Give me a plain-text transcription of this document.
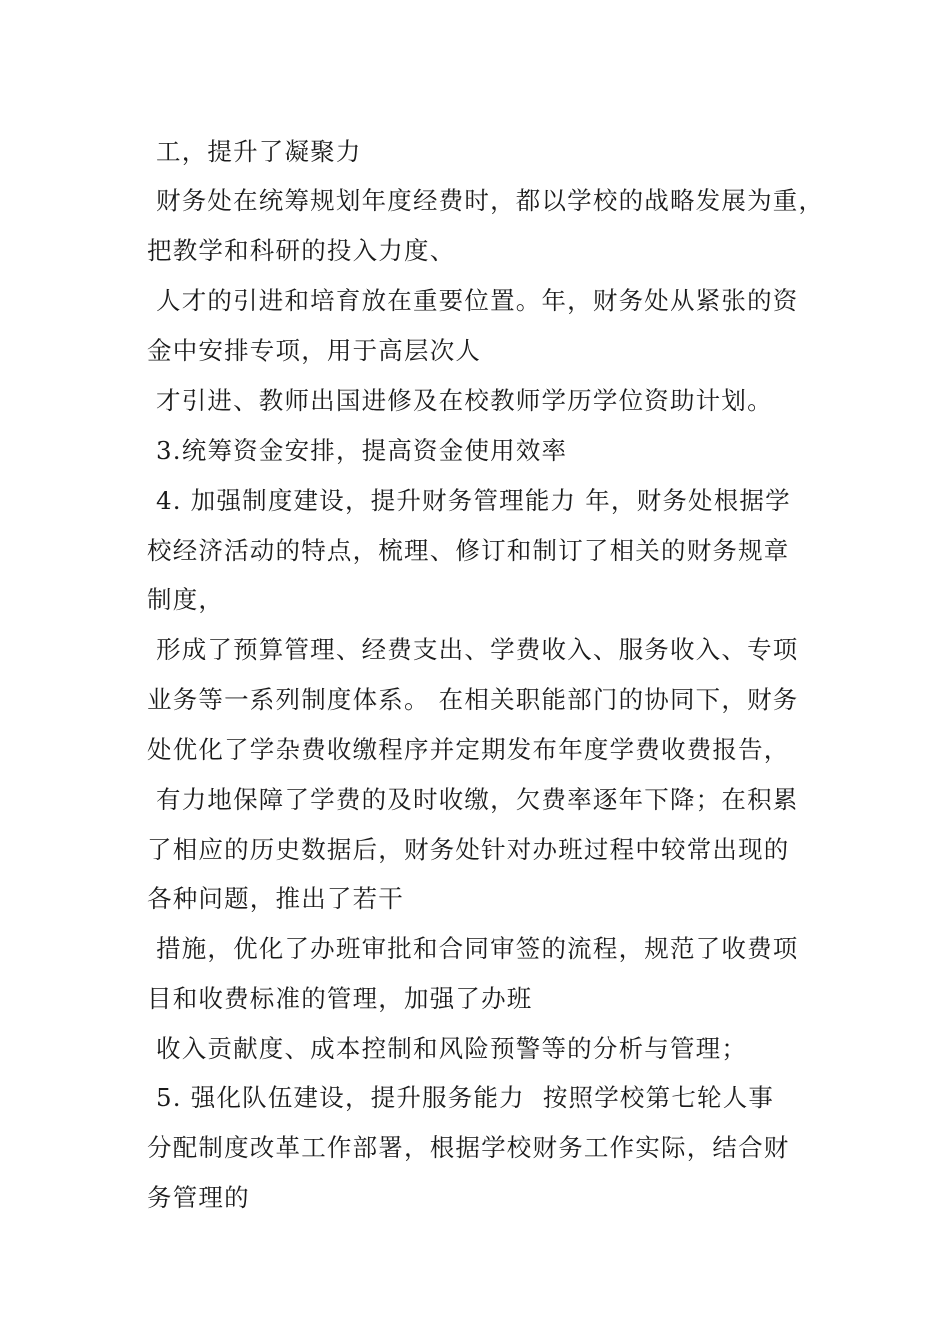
工，提升了凝聚力
财务处在统筹规划年度经费时，都以学校的战略发展为重，
把教学和科研的投入力度、
人才的引进和培育放在重要位置。年，财务处从紧张的资
金中安排专项，用于高层次人
才引进、教师出国进修及在校教师学历学位资助计划。
3.统筹资金安排，提高资金使用效率
4. 加强制度建设，提升财务管理能力 年，财务处根据学
校经济活动的特点，梳理、修订和制订了相关的财务规章
制度，
形成了预算管理、经费支出、学费收入、服务收入、专项
业务等一系列制度体系。 在相关职能部门的协同下，财务
处优化了学杂费收缴程序并定期发布年度学费收费报告，
有力地保障了学费的及时收缴，欠费率逐年下降；在积累
了相应的历史数据后，财务处针对办班过程中较常出现的
各种问题，推出了若干
措施，优化了办班审批和合同审签的流程，规范了收费项
目和收费标准的管理，加强了办班
收入贡献度、成本控制和风险预警等的分析与管理；
5. 强化队伍建设，提升服务能力  按照学校第七轮人事
分配制度改革工作部署，根据学校财务工作实际，结合财
务管理的
